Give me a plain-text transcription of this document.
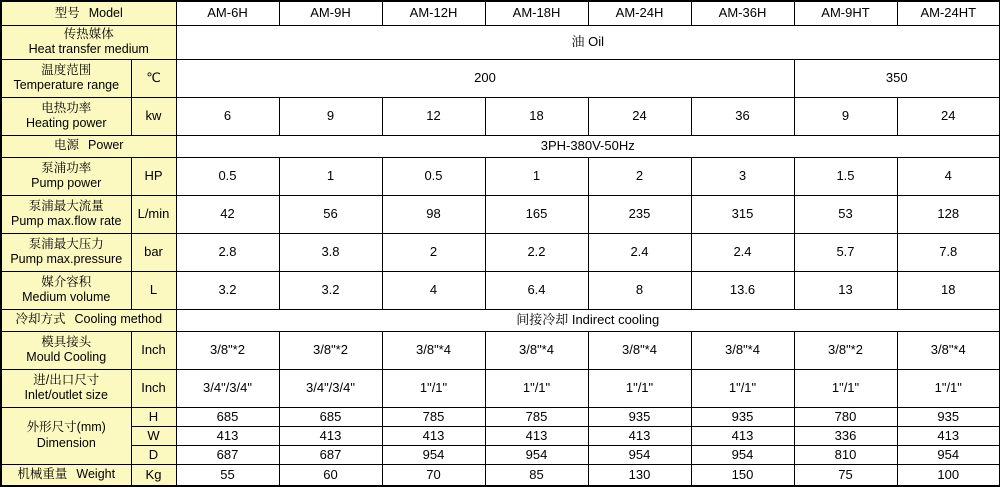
型号 Model		AM-6H	AM-9H	AM-12H	AM-18H	AM-24H	AM-36H	AM-9HT	AM-24HT

传热媒体
Heat transfer medium		油 Oil							

温度范围
Temperature range	℃	200						350	

电热功率
Heating power	kw	6	9	12	18	24	36	9	24
电源 Power		3PH-380V-50Hz							

泵浦功率
Pump power	HP	0.5	1	0.5	1	2	3	1.5	4

泵浦最大流量
Pump max.flow rate	L/min	42	56	98	165	235	315	53	128

泵浦最大压力
Pump max.pressure	bar	2.8	3.8	2	2.2	2.4	2.4	5.7	7.8

媒介容积
Medium volume	L	3.2	3.2	4	6.4	8	13.6	13	18
冷却方式 Cooling method		间接冷却 Indirect cooling							

模具接头
Mould Cooling	Inch	3/8"*2	3/8"*2	3/8"*4	3/8"*4	3/8"*4	3/8"*4	3/8"*2	3/8"*4

进/出口尺寸
Inlet/outlet size	Inch	3/4"/3/4"	3/4"/3/4"	1"/1"	1"/1"	1"/1"	1"/1"	1"/1"	1"/1"

外形尺寸(mm)
Dimension	H	685	685	785	785	935	935	780	935
	W	413	413	413	413	413	413	336	413
	D	687	687	954	954	954	954	810	954
机械重量 Weight	Kg	55	60	70	85	130	150	75	100
